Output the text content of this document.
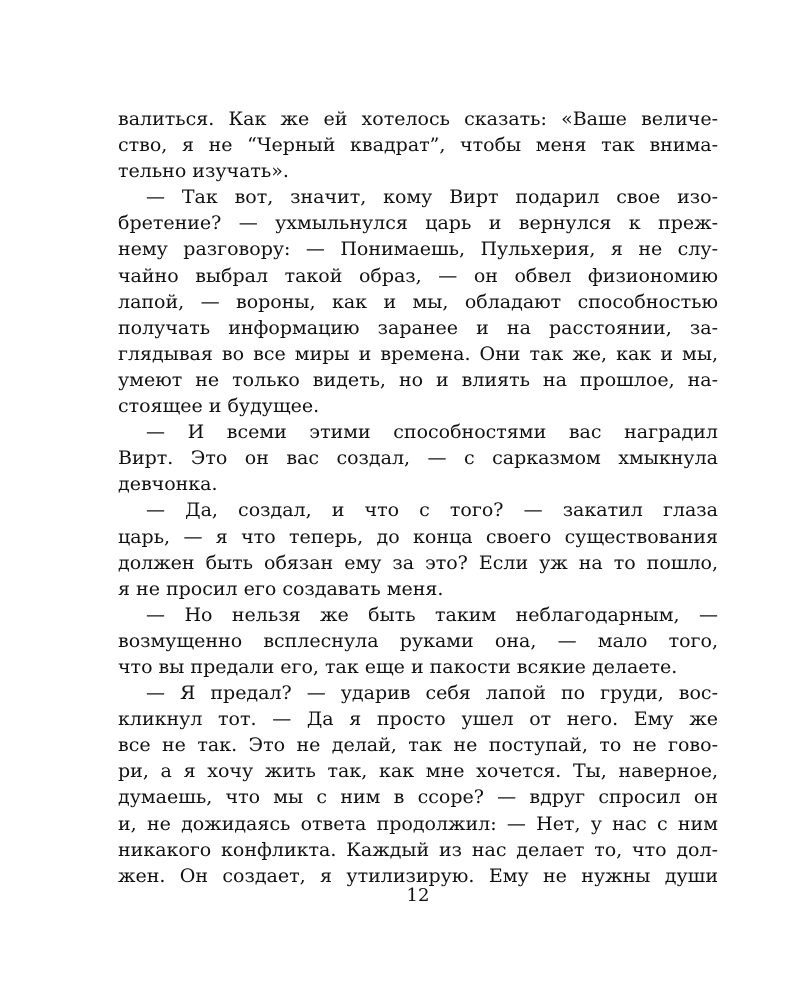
валиться. Как же ей хотелось сказать: «Ваше величе-
ство, я не “Черный квадрат”, чтобы меня так внима-
тельно изучать».
— Так вот, значит, кому Вирт подарил свое изо-
бретение? — ухмыльнулся царь и вернулся к преж-
нему разговору: — Понимаешь, Пульхерия, я не слу-
чайно выбрал такой образ, — он обвел физиономию
лапой, — вороны, как и мы, обладают способностью
получать информацию заранее и на расстоянии, за-
глядывая во все миры и времена. Они так же, как и мы,
умеют не только видеть, но и влиять на прошлое, на-
стоящее и будущее.
— И всеми этими способностями вас наградил
Вирт. Это он вас создал, — с сарказмом хмыкнула
девчонка.
— Да, создал, и что с того? — закатил глаза
царь, — я что теперь, до конца своего существования
должен быть обязан ему за это? Если уж на то пошло,
я не просил его создавать меня.
— Но нельзя же быть таким неблагодарным, —
возмущенно всплеснула руками она, — мало того,
что вы предали его, так еще и пакости всякие делаете.
— Я предал? — ударив себя лапой по груди, вос-
кликнул тот. — Да я просто ушел от него. Ему же
все не так. Это не делай, так не поступай, то не гово-
ри, а я хочу жить так, как мне хочется. Ты, наверное,
думаешь, что мы с ним в ссоре? — вдруг спросил он
и, не дожидаясь ответа продолжил: — Нет, у нас с ним
никакого конфликта. Каждый из нас делает то, что дол-
жен. Он создает, я утилизирую. Ему не нужны души
12
